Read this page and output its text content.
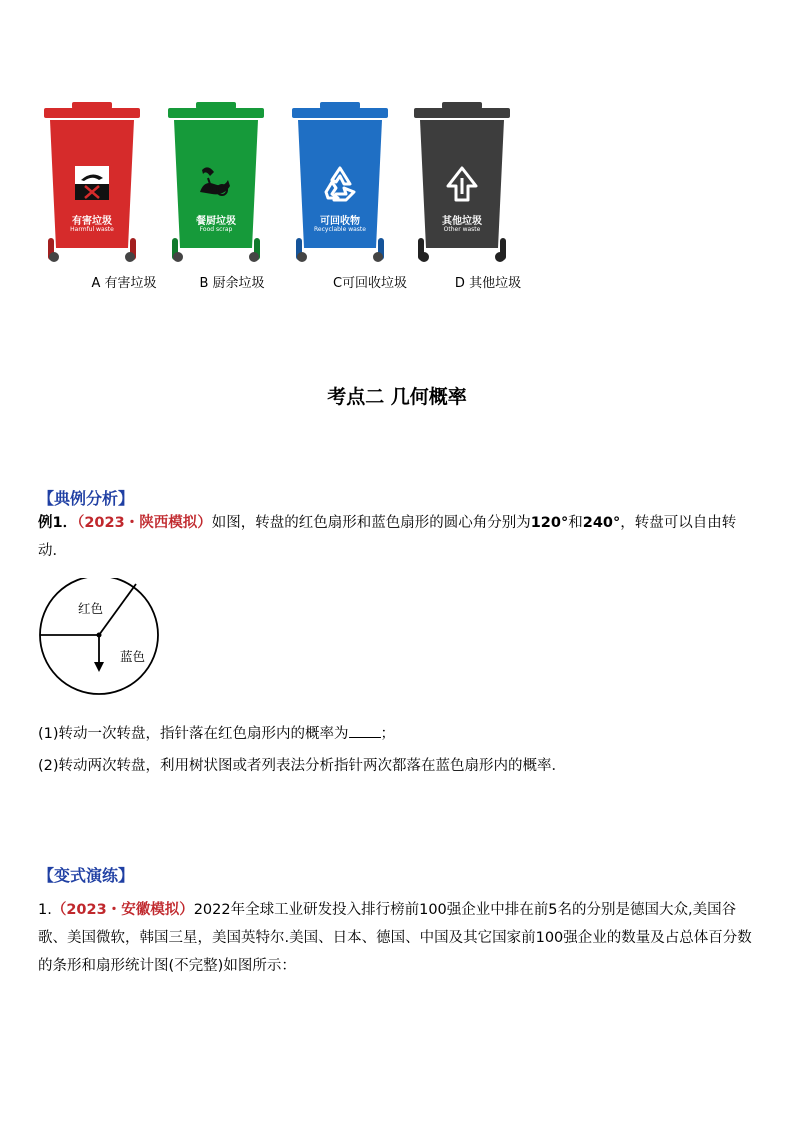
有害垃圾
Harmful waste
餐厨垃圾
Food scrap
可回收物
Recyclable waste
其他垃圾
Other waste
A 有害垃圾	B 厨余垃圾	C可回收垃圾	D 其他垃圾
考点二 几何概率
【典例分析】
例1．（2023・陕西模拟）如图，转盘的红色扇形和蓝色扇形的圆心角分别为120°和240°，转盘可以自由转动．
红色
蓝色
(1)转动一次转盘，指针落在红色扇形内的概率为 ；
(2)转动两次转盘，利用树状图或者列表法分析指针两次都落在蓝色扇形内的概率．
【变式演练】
1.（2023・安徽模拟）2022年全球工业研发投入排行榜前100强企业中排在前5名的分别是德国大众,美国谷歌、美国微软，韩国三星，美国英特尔.美国、日本、德国、中国及其它国家前100强企业的数量及占总体百分数的条形和扇形统计图(不完整)如图所示：
